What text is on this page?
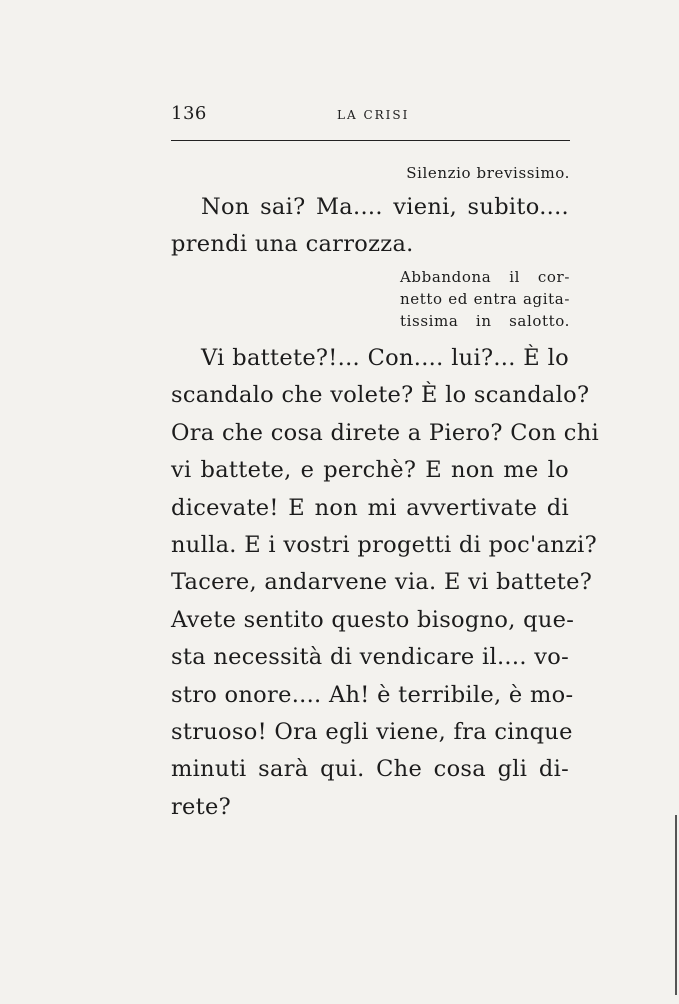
136	LA CRISI
Silenzio brevissimo.
Non sai? Ma.... vieni, subito....
prendi una carrozza.
Abbandona il cor-
netto ed entra agita-
tissima in salotto.
Vi battete?!... Con.... lui?... È lo
scandalo che volete? È lo scandalo?
Ora che cosa direte a Piero? Con chi
vi battete, e perchè? E non me lo
dicevate! E non mi avvertivate di
nulla. E i vostri progetti di poc'anzi?
Tacere, andarvene via. E vi battete?
Avete sentito questo bisogno, que-
sta necessità di vendicare il.... vo-
stro onore.... Ah! è terribile, è mo-
struoso! Ora egli viene, fra cinque
minuti sarà qui. Che cosa gli di-
rete?
